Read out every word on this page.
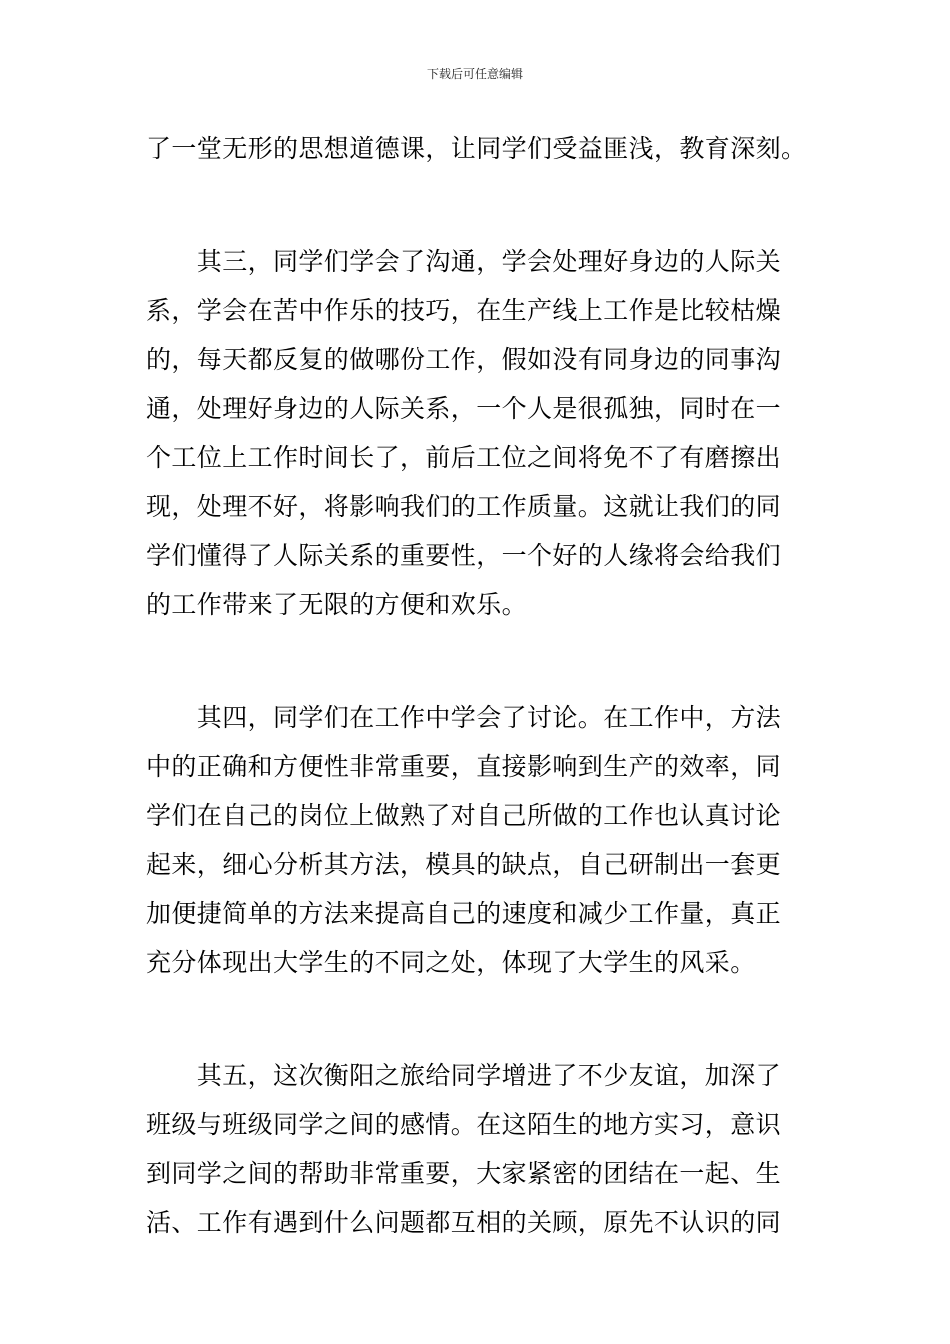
下载后可任意编辑
了一堂无形的思想道德课，让同学们受益匪浅，教育深刻。
　　其三，同学们学会了沟通，学会处理好身边的人际关
系，学会在苦中作乐的技巧，在生产线上工作是比较枯燥
的，每天都反复的做哪份工作，假如没有同身边的同事沟
通，处理好身边的人际关系，一个人是很孤独，同时在一
个工位上工作时间长了，前后工位之间将免不了有磨擦出
现，处理不好，将影响我们的工作质量。这就让我们的同
学们懂得了人际关系的重要性，一个好的人缘将会给我们
的工作带来了无限的方便和欢乐。
　　其四，同学们在工作中学会了讨论。在工作中，方法
中的正确和方便性非常重要，直接影响到生产的效率，同
学们在自己的岗位上做熟了对自己所做的工作也认真讨论
起来，细心分析其方法，模具的缺点，自己研制出一套更
加便捷简单的方法来提高自己的速度和减少工作量，真正
充分体现出大学生的不同之处，体现了大学生的风采。
　　其五，这次衡阳之旅给同学增进了不少友谊，加深了
班级与班级同学之间的感情。在这陌生的地方实习，意识
到同学之间的帮助非常重要，大家紧密的团结在一起、生
活、工作有遇到什么问题都互相的关顾，原先不认识的同
